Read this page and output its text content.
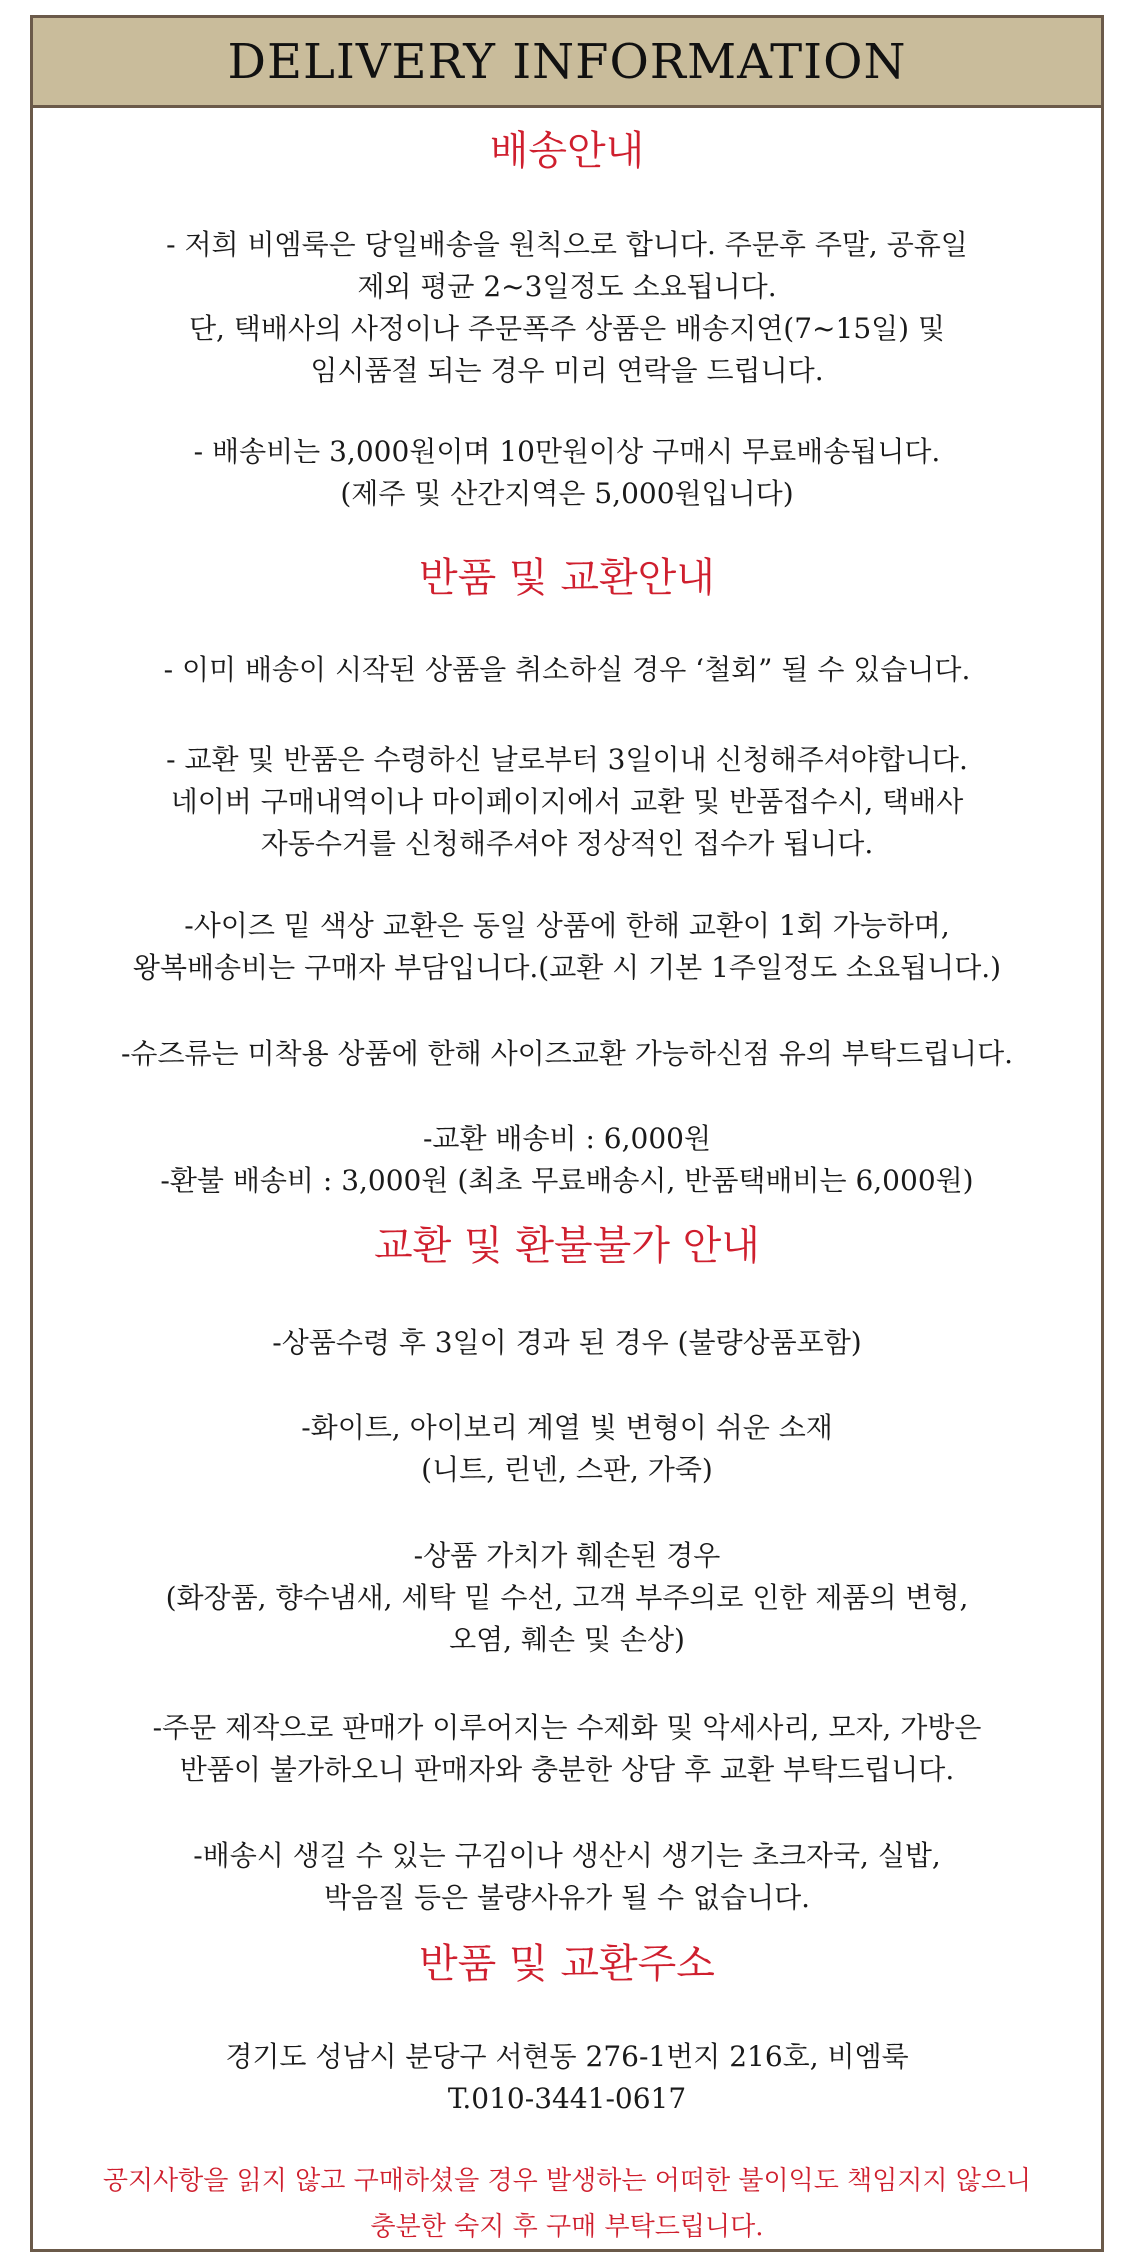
DELIVERY INFORMATION
배송안내
- 저희 비엠룩은 당일배송을 원칙으로 합니다. 주문후 주말, 공휴일
제외 평균 2~3일정도 소요됩니다.
단, 택배사의 사정이나 주문폭주 상품은 배송지연(7~15일) 및
임시품절 되는 경우 미리 연락을 드립니다.
- 배송비는 3,000원이며 10만원이상 구매시 무료배송됩니다.
(제주 및 산간지역은 5,000원입니다)
반품 및 교환안내
- 이미 배송이 시작된 상품을 취소하실 경우 ‘철회” 될 수 있습니다.
- 교환 및 반품은 수령하신 날로부터 3일이내 신청해주셔야합니다.
네이버 구매내역이나 마이페이지에서 교환 및 반품접수시, 택배사
자동수거를 신청해주셔야 정상적인 접수가 됩니다.
-사이즈 밑 색상 교환은 동일 상품에 한해 교환이 1회 가능하며,
왕복배송비는 구매자 부담입니다.(교환 시 기본 1주일정도 소요됩니다.)
-슈즈류는 미착용 상품에 한해 사이즈교환 가능하신점 유의 부탁드립니다.
-교환 배송비 : 6,000원
-환불 배송비 : 3,000원 (최초 무료배송시, 반품택배비는 6,000원)
교환 및 환불불가 안내
-상품수령 후 3일이 경과 된 경우 (불량상품포함)
-화이트, 아이보리 계열 빛 변형이 쉬운 소재
(니트, 린넨, 스판, 가죽)
-상품 가치가 훼손된 경우
(화장품, 향수냄새, 세탁 밑 수선, 고객 부주의로 인한 제품의 변형,
오염, 훼손 및 손상)
-주문 제작으로 판매가 이루어지는 수제화 및 악세사리, 모자, 가방은
반품이 불가하오니 판매자와 충분한 상담 후 교환 부탁드립니다.
-배송시 생길 수 있는 구김이나 생산시 생기는 초크자국, 실밥,
박음질 등은 불량사유가 될 수 없습니다.
반품 및 교환주소
경기도 성남시 분당구 서현동 276-1번지 216호, 비엠룩
T.010-3441-0617
공지사항을 읽지 않고 구매하셨을 경우 발생하는 어떠한 불이익도 책임지지 않으니
충분한 숙지 후 구매 부탁드립니다.
